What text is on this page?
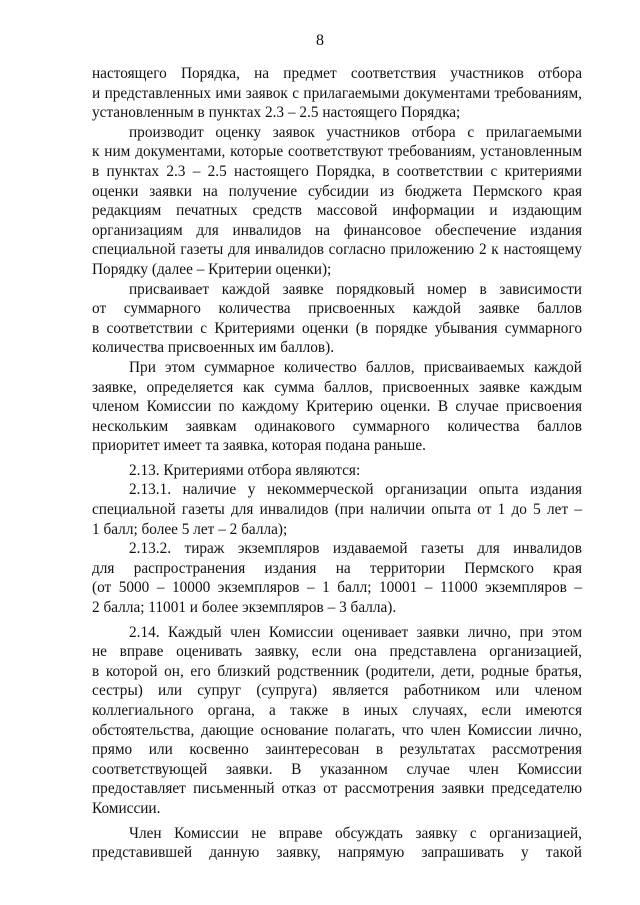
8
настоящего Порядка, на предмет соответствия участников отбора
и представленных ими заявок с прилагаемыми документами требованиям,
установленным в пунктах 2.3 – 2.5 настоящего Порядка;
производит оценку заявок участников отбора с прилагаемыми
к ним документами, которые соответствуют требованиям, установленным
в пунктах 2.3 – 2.5 настоящего Порядка, в соответствии с критериями
оценки заявки на получение субсидии из бюджета Пермского края
редакциям печатных средств массовой информации и издающим
организациям для инвалидов на финансовое обеспечение издания
специальной газеты для инвалидов согласно приложению 2 к настоящему
Порядку (далее – Критерии оценки);
присваивает каждой заявке порядковый номер в зависимости
от суммарного количества присвоенных каждой заявке баллов
в соответствии с Критериями оценки (в порядке убывания суммарного
количества присвоенных им баллов).
При этом суммарное количество баллов, присваиваемых каждой
заявке, определяется как сумма баллов, присвоенных заявке каждым
членом Комиссии по каждому Критерию оценки. В случае присвоения
нескольким заявкам одинакового суммарного количества баллов
приоритет имеет та заявка, которая подана раньше.
2.13. Критериями отбора являются:
2.13.1. наличие у некоммерческой организации опыта издания
специальной газеты для инвалидов (при наличии опыта от 1 до 5 лет –
1 балл; более 5 лет – 2 балла);
2.13.2. тираж экземпляров издаваемой газеты для инвалидов
для распространения издания на территории Пермского края
(от 5000 – 10000 экземпляров – 1 балл; 10001 – 11000 экземпляров –
2 балла; 11001 и более экземпляров – 3 балла).
2.14. Каждый член Комиссии оценивает заявки лично, при этом
не вправе оценивать заявку, если она представлена организацией,
в которой он, его близкий родственник (родители, дети, родные братья,
сестры) или супруг (супруга) является работником или членом
коллегиального органа, а также в иных случаях, если имеются
обстоятельства, дающие основание полагать, что член Комиссии лично,
прямо или косвенно заинтересован в результатах рассмотрения
соответствующей заявки. В указанном случае член Комиссии
предоставляет письменный отказ от рассмотрения заявки председателю
Комиссии.
Член Комиссии не вправе обсуждать заявку с организацией,
представившей данную заявку, напрямую запрашивать у такой
